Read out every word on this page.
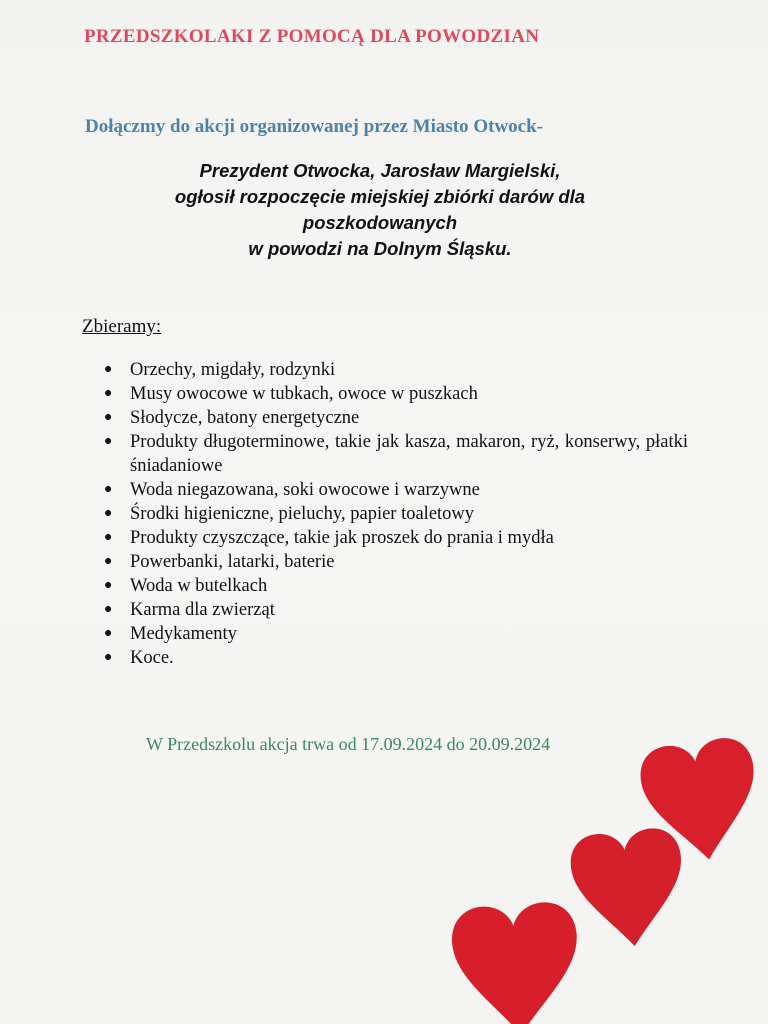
PRZEDSZKOLAKI Z POMOCĄ DLA POWODZIAN
Dołączmy do akcji organizowanej przez Miasto Otwock-
Prezydent Otwocka, Jarosław Margielski,
ogłosił rozpoczęcie miejskiej zbiórki darów dla
poszkodowanych
w powodzi na Dolnym Śląsku.
Zbieramy:
● Orzechy, migdały, rodzynki
● Musy owocowe w tubkach, owoce w puszkach
● Słodycze, batony energetyczne
● Produkty długoterminowe, takie jak kasza, makaron, ryż, konserwy, płatki śniadaniowe
● Woda niegazowana, soki owocowe i warzywne
● Środki higieniczne, pieluchy, papier toaletowy
● Produkty czyszczące, takie jak proszek do prania i mydła
● Powerbanki, latarki, baterie
● Woda w butelkach
● Karma dla zwierząt
● Medykamenty
● Koce.
W Przedszkolu akcja trwa od 17.09.2024 do 20.09.2024
